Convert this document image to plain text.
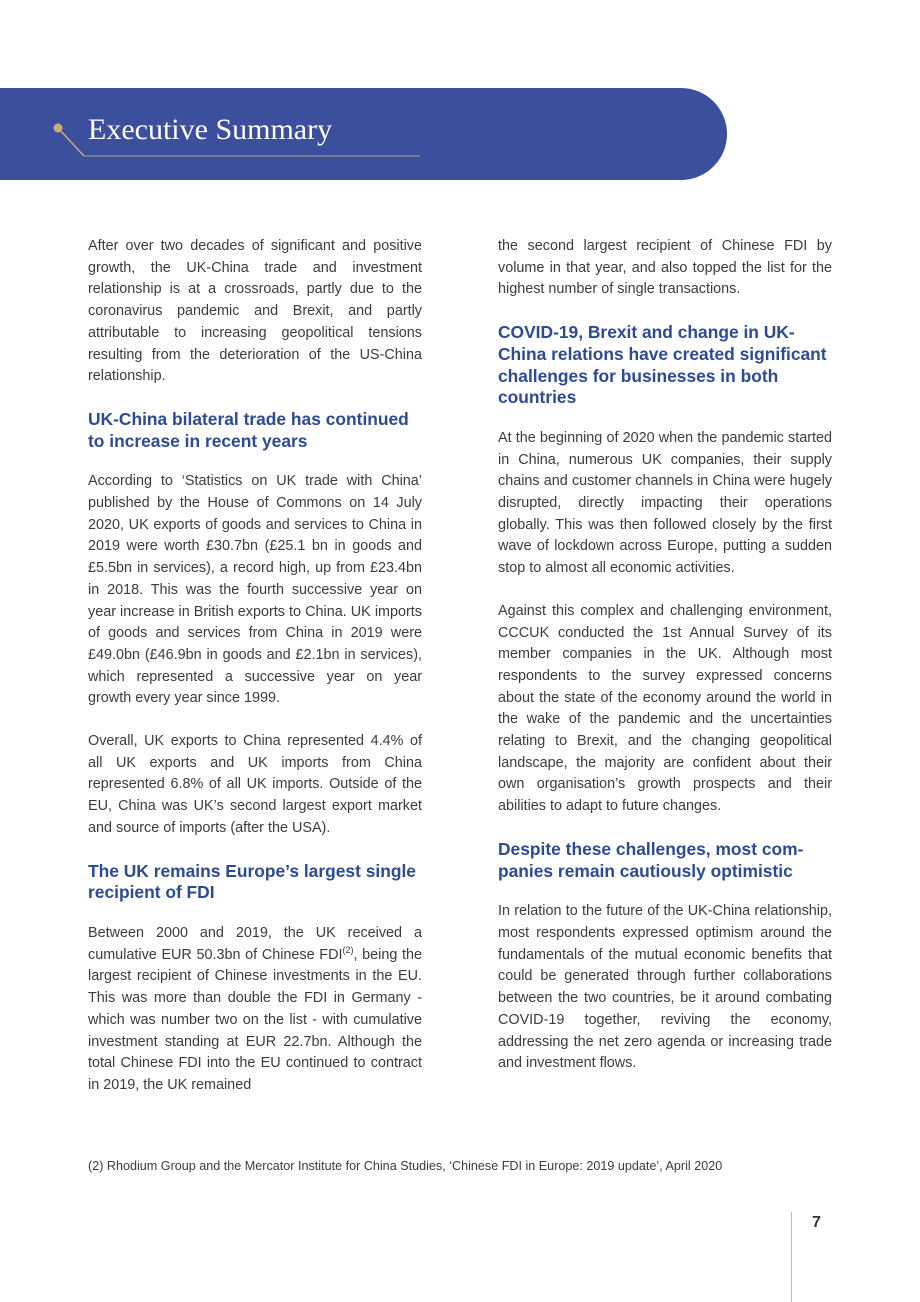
Executive Summary

After over two decades of significant and positive growth, the UK-China trade and investment relationship is at a crossroads, partly due to the coronavirus pandemic and Brexit, and partly attributable to increasing geopolitical tensions resulting from the deterioration of the US-China relationship.

UK-China bilateral trade has continued to increase in recent years

According to ‘Statistics on UK trade with China’ published by the House of Commons on 14 July 2020, UK exports of goods and services to China in 2019 were worth £30.7bn (£25.1 bn in goods and £5.5bn in services), a record high, up from £23.4bn in 2018. This was the fourth successive year on year increase in British exports to China. UK imports of goods and services from China in 2019 were £49.0bn (£46.9bn in goods and £2.1bn in services), which represented a successive year on year growth every year since 1999.

Overall, UK exports to China represented 4.4% of all UK exports and UK imports from China represented 6.8% of all UK imports. Outside of the EU, China was UK’s second largest export market and source of imports (after the USA).

The UK remains Europe’s largest single recipient of FDI

Between 2000 and 2019, the UK received a cumulative EUR 50.3bn of Chinese FDI$^{(2)}$, being the largest recipient of Chinese investments in the EU. This was more than double the FDI in Germany - which was number two on the list - with cumulative investment standing at EUR 22.7bn. Although the total Chinese FDI into the EU continued to contract in 2019, the UK remained

the second largest recipient of Chinese FDI by volume in that year, and also topped the list for the highest number of single transactions.

COVID-19, Brexit and change in UK-China relations have created significant challenges for businesses in both countries

At the beginning of 2020 when the pandemic started in China, numerous UK companies, their supply chains and customer channels in China were hugely disrupted, directly impacting their operations globally. This was then followed closely by the first wave of lockdown across Europe, putting a sudden stop to almost all economic activities.

Against this complex and challenging environment, CCCUK conducted the 1st Annual Survey of its member companies in the UK. Although most respondents to the survey expressed concerns about the state of the economy around the world in the wake of the pandemic and the uncertainties relating to Brexit, and the changing geopolitical landscape, the majority are confident about their own organisation’s growth prospects and their abilities to adapt to future changes.

Despite these challenges, most com- panies remain cautiously optimistic

In relation to the future of the UK-China relationship, most respondents expressed optimism around the fundamentals of the mutual economic benefits that could be generated through further collaborations between the two countries, be it around combating COVID-19 together, reviving the economy, addressing the net zero agenda or increasing trade and investment flows.

(2) Rhodium Group and the Mercator Institute for China Studies, ‘Chinese FDI in Europe: 2019 update’, April 2020
7
